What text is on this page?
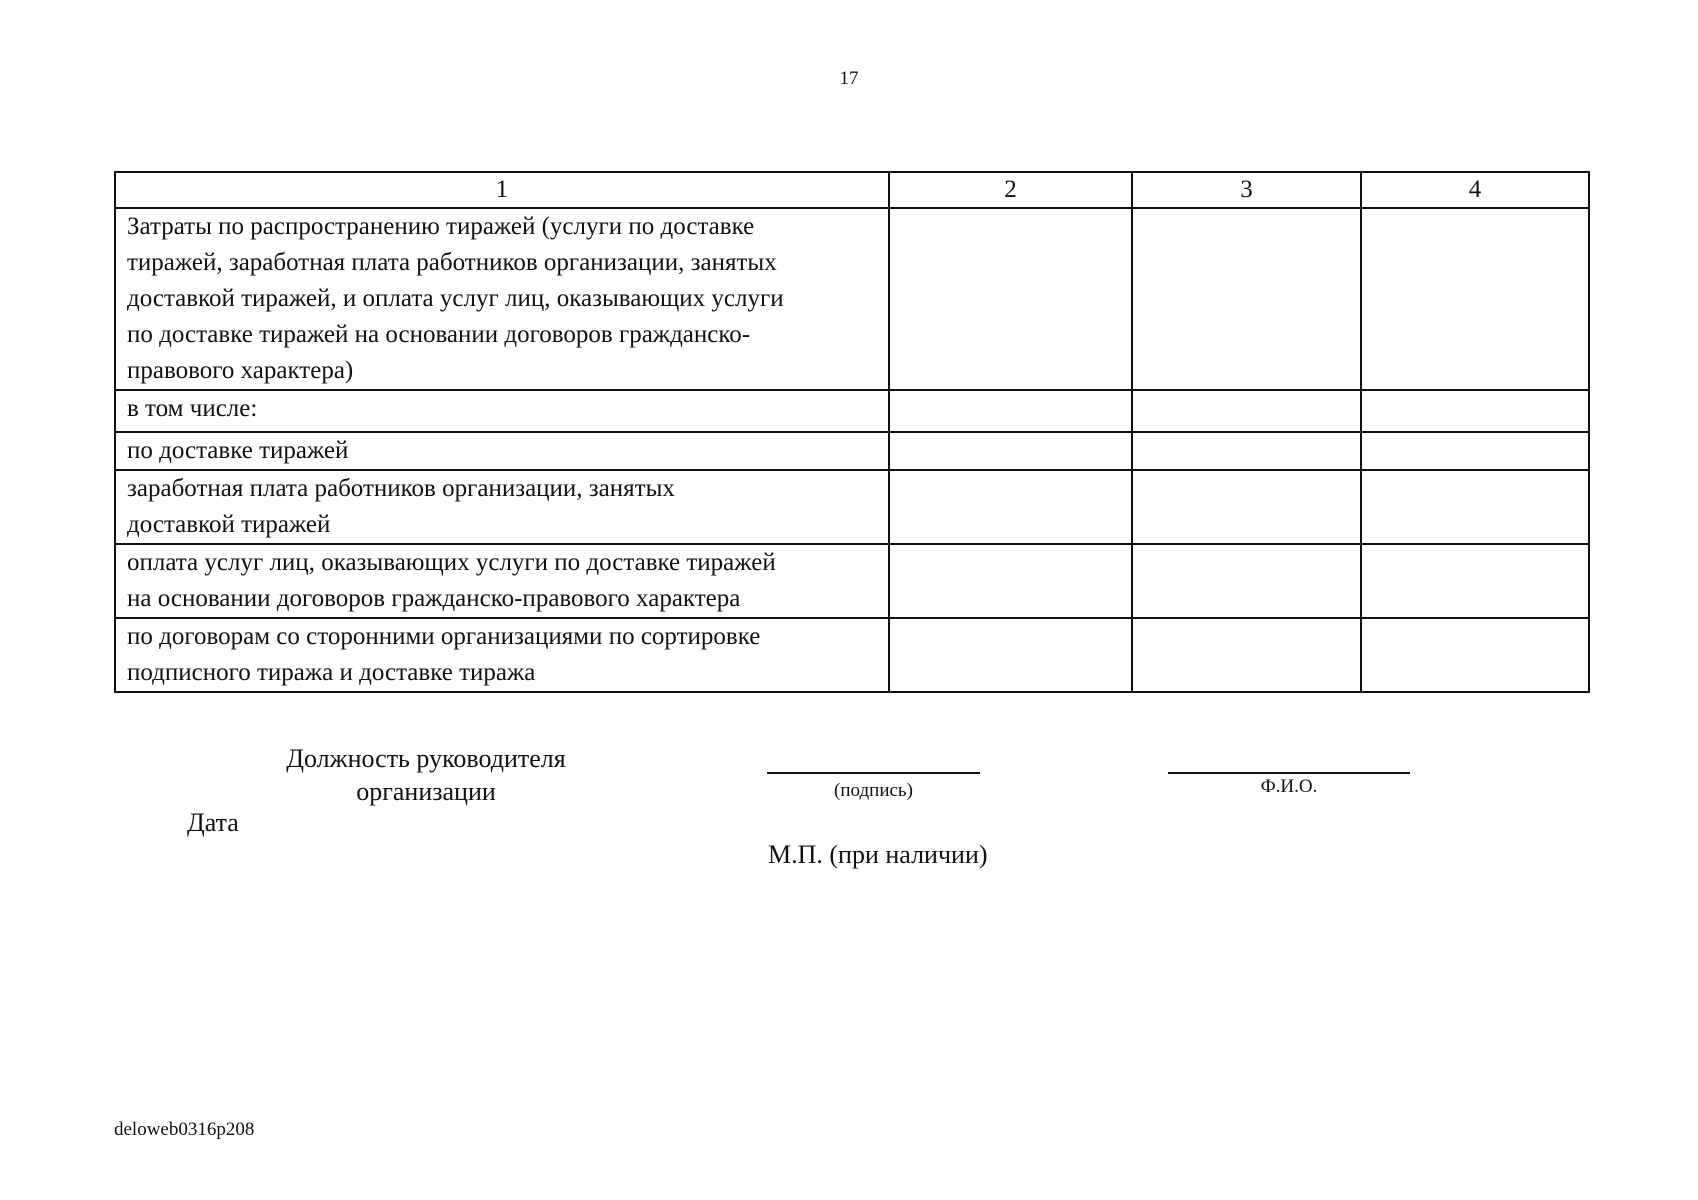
17
1	2	3	4

Затраты по распространению тиражей (услуги по доставке
тиражей, заработная плата работников организации, занятых
доставкой тиражей, и оплата услуг лиц, оказывающих услуги
по доставке тиражей на основании договоров гражданско-
правового характера)			

в том числе:			

по доставке тиражей			

заработная плата работников организации, занятых
доставкой тиражей			

оплата услуг лиц, оказывающих услуги по доставке тиражей
на основании договоров гражданско-правового характера			

по договорам со сторонними организациями по сортировке
подписного тиража и доставке тиража			

Должность руководителя
организации	(подпись)	Ф.И.О.
Дата
М.П. (при наличии)
deloweb0316p208
